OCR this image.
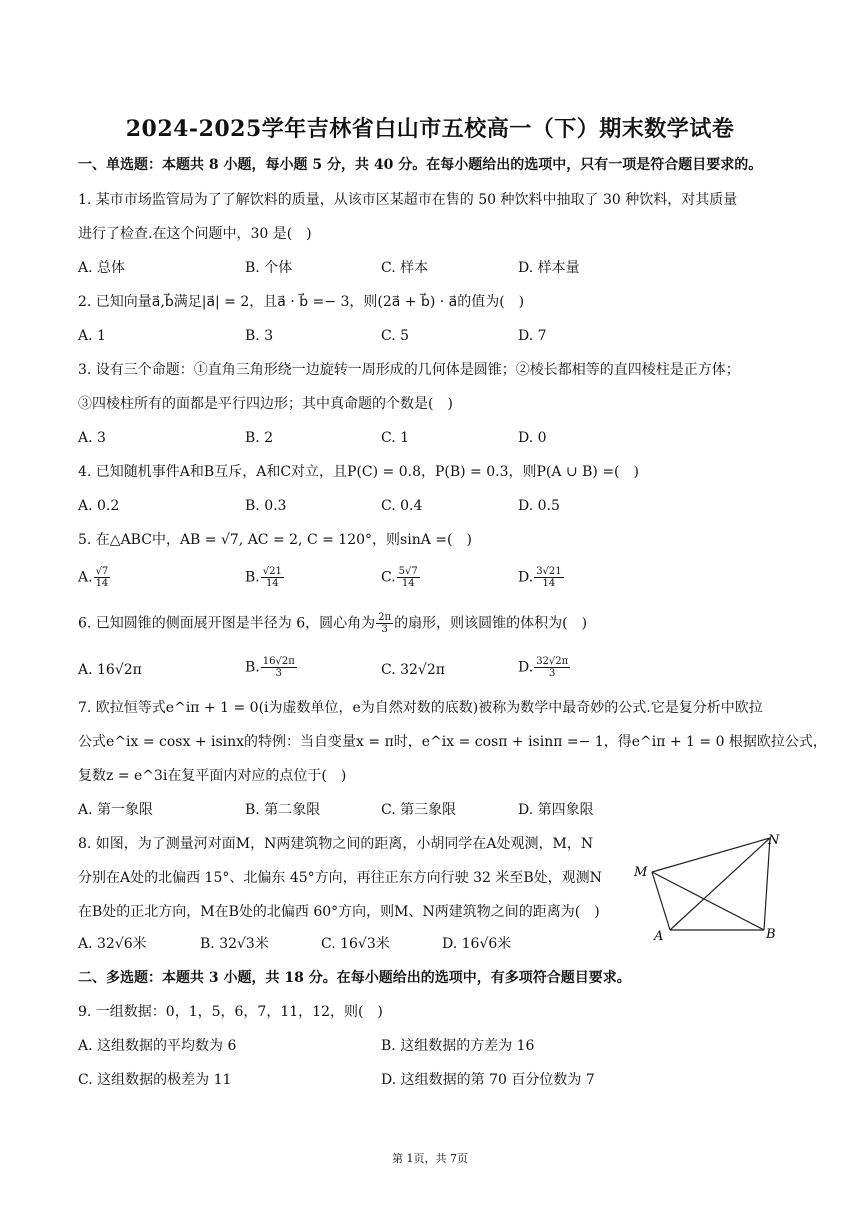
2024-2025学年吉林省白山市五校高一（下）期末数学试卷
一、单选题：本题共 8 小题，每小题 5 分，共 40 分。在每小题给出的选项中，只有一项是符合题目要求的。
1. 某市市场监管局为了了解饮料的质量，从该市区某超市在售的 50 种饮料中抽取了 30 种饮料，对其质量
进行了检查.在这个问题中，30 是(　)
A. 总体	B. 个体	C. 样本	D. 样本量
2. 已知向量a⃗,b⃗满足|a⃗| = 2，且a⃗ · b⃗ =− 3，则(2a⃗ + b⃗) · a⃗的值为(　)
A. 1	B. 3	C. 5	D. 7
3. 设有三个命题：①直角三角形绕一边旋转一周形成的几何体是圆锥；②棱长都相等的直四棱柱是正方体；
③四棱柱所有的面都是平行四边形；其中真命题的个数是(　)
A. 3	B. 2	C. 1	D. 0
4. 已知随机事件A和B互斥，A和C对立，且P(C) = 0.8，P(B) = 0.3，则P(A ∪ B) =(　)
A. 0.2	B. 0.3	C. 0.4	D. 0.5
5. 在△ABC中，AB = √7, AC = 2, C = 120°，则sinA =(　)
A. $\frac{√7}{14}$	B. $\frac{√21}{14}$	C. $\frac{5√7}{14}$	D. $\frac{3√21}{14}$
6. 已知圆锥的侧面展开图是半径为 6，圆心角为 $\frac{2\pi}{3}$ 的扇形，则该圆锥的体积为(　)
A. 16√2π	B. $\frac{16√2\pi}{3}$	C. 32√2π	D. $\frac{32√2\pi}{3}$
7. 欧拉恒等式e^iπ + 1 = 0(i为虚数单位，e为自然对数的底数)被称为数学中最奇妙的公式.它是复分析中欧拉
公式e^ix = cosx + isinx的特例：当自变量x = π时，e^ix = cosπ + isinπ =− 1，得e^iπ + 1 = 0 根据欧拉公式，
复数z = e^3i在复平面内对应的点位于(　)
A. 第一象限	B. 第二象限	C. 第三象限	D. 第四象限
8. 如图，为了测量河对面M，N两建筑物之间的距离，小胡同学在A处观测，M，N
分别在A处的北偏西 15°、北偏东 45°方向，再往正东方向行驶 32 米至B处，观测N
在B处的正北方向，M在B处的北偏西 60°方向，则M、N两建筑物之间的距离为(　)
A. 32√6米	B. 32√3米	C. 16√3米	D. 16√6米
M
N
A	B
二、多选题：本题共 3 小题，共 18 分。在每小题给出的选项中，有多项符合题目要求。
9. 一组数据：0，1，5，6，7，11，12，则(　)
A. 这组数据的平均数为 6	B. 这组数据的方差为 16
C. 这组数据的极差为 11	D. 这组数据的第 70 百分位数为 7
第 1页，共 7页
